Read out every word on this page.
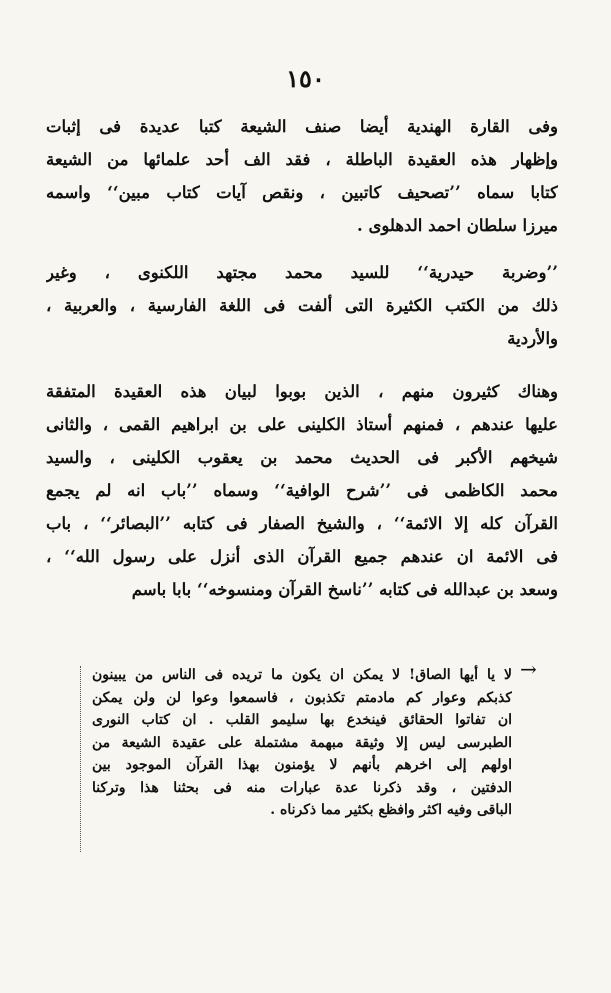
١٥٠
وفى القارة الهندية أيضا صنف الشيعة كتبا عديدة فى إثبات
وإظهار هذه العقيدة الباطلة ، فقد الف أحد علمائها من الشيعة
كتابا سماه ’’تصحيف كاتبين ، ونقص آيات كتاب مبين‘‘ واسمه
ميرزا سلطان احمد الدهلوى .
’’وضربة حيدرية‘‘ للسيد محمد مجتهد اللكنوى ، وغير
ذلك من الكتب الكثيرة التى ألفت فى اللغة الفارسية ، والعربية ،
والأردية
وهناك كثيرون منهم ، الذين بوبوا لبيان هذه العقيدة المتفقة
عليها عندهم ، فمنهم أستاذ الكلينى على بن ابراهيم القمى ، والثانى
شيخهم الأكبر فى الحديث محمد بن يعقوب الكلينى ، والسيد
محمد الكاظمى فى ’’شرح الوافية‘‘ وسماه ’’باب انه لم يجمع
القرآن كله إلا الائمة‘‘ ، والشيخ الصفار فى كتابه ’’البصائر‘‘ ، باب
فى الائمة ان عندهم جميع القرآن الذى أنزل على رسول الله‘‘ ،
وسعد بن عبدالله فى كتابه ’’ناسخ القرآن ومنسوخه‘‘ بابا باسم
→
لا يا أيها الصاق! لا يمكن ان يكون ما تريده فى الناس من يبينون
كذبكم وعوار كم مادمتم تكذبون ، فاسمعوا وعوا لن ولن يمكن
ان تفاتوا الحقائق فينخدع بها سليمو القلب . ان كتاب النورى
الطبرسى ليس إلا وثيقة مبهمة مشتملة على عقيدة الشيعة من
اولهم إلى اخرهم بأنهم لا يؤمنون بهذا القرآن الموجود بين
الدفتين ، وقد ذكرنا عدة عبارات منه فى بحثنا هذا وتركنا
الباقى وفيه اكثر وافظع بكثير مما ذكرناه .
